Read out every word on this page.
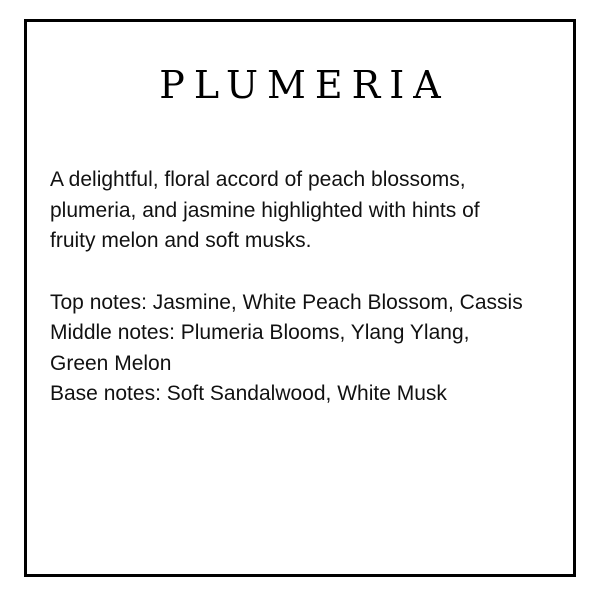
PLUMERIA

A delightful, floral accord of peach blossoms, plumeria, and jasmine highlighted with hints of fruity melon and soft musks.

Top notes: Jasmine, White Peach Blossom, Cassis

Middle notes: Plumeria Blooms, Ylang Ylang, Green Melon

Base notes: Soft Sandalwood, White Musk
